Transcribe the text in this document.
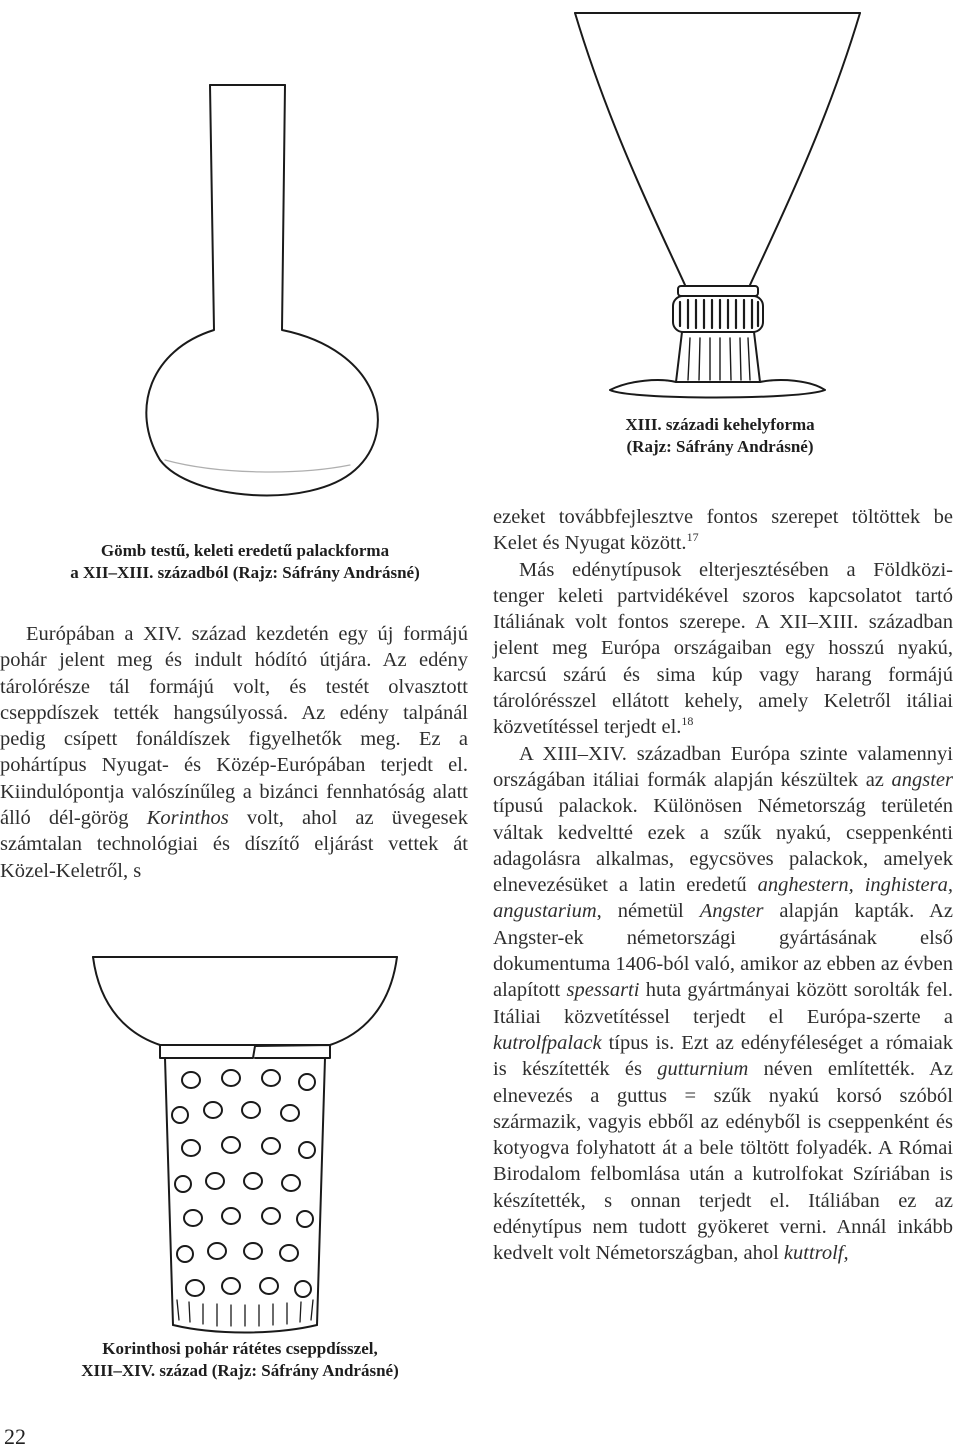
Gömb testű, keleti eredetű palackforma
a XII–XIII. századból (Rajz: Sáfrány Andrásné)
XIII. századi kehelyforma
(Rajz: Sáfrány Andrásné)
Korinthosi pohár rátétes cseppdísszel,
XIII–XIV. század (Rajz: Sáfrány Andrásné)

Európában a XIV. század kezdetén egy új formájú pohár jelent meg és indult hódító útjára. Az edény tárolórésze tál formájú volt, és testét olvasztott cseppdíszek tették hangsúlyossá. Az edény talpánál pedig csípett fonáldíszek figyelhetők meg. Ez a pohártípus Nyugat- és Közép-Európában terjedt el. Kiindulópontja valószínűleg a bizánci fennhatóság alatt álló dél-görög Korinthos volt, ahol az üvegesek számtalan technológiai és díszítő eljárást vettek át Közel-Keletről, s

ezeket továbbfejlesztve fontos szerepet töltöttek be Kelet és Nyugat között.$^{17}$

Más edénytípusok elterjesztésében a Földközi-tenger keleti partvidékével szoros kapcsolatot tartó Itáliának volt fontos szerepe. A XII–XIII. században jelent meg Európa országaiban egy hosszú nyakú, karcsú szárú és sima kúp vagy harang formájú tárolórésszel ellátott kehely, amely Keletről itáliai közvetítéssel terjedt el.$^{18}$

A XIII–XIV. században Európa szinte valamennyi országában itáliai formák alapján készültek az angster típusú palackok. Különösen Németország területén váltak kedveltté ezek a szűk nyakú, cseppenkénti adagolásra alkalmas, egycsöves palackok, amelyek elnevezésüket a latin eredetű anghestern, inghistera, angustarium, németül Angster alapján kapták. Az Angster-ek németországi gyártásának első dokumentuma 1406-ból való, amikor az ebben az évben alapított spessarti huta gyártmányai között sorolták fel. Itáliai közvetítéssel terjedt el Európa-szerte a kutrolfpalack típus is. Ezt az edényféleséget a rómaiak is készítették és gutturnium néven említették. Az elnevezés a guttus = szűk nyakú korsó szóból származik, vagyis ebből az edényből is cseppenként és kotyogva folyhatott át a bele töltött folyadék. A Római Birodalom felbomlása után a kutrolfokat Szíriában is készítették, s onnan terjedt el. Itáliában ez az edénytípus nem tudott gyökeret verni. Annál inkább kedvelt volt Németországban, ahol kuttrolf,

22
